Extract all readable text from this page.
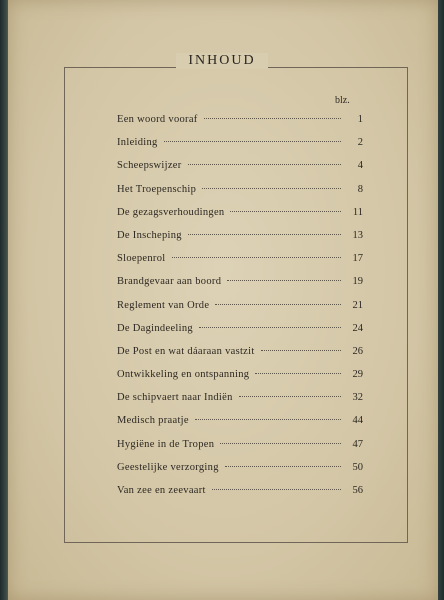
INHOUD
blz.
Een woord vooraf	1
Inleiding	2
Scheepswijzer	4
Het Troepenschip	8
De gezagsverhoudingen	11
De Inscheping	13
Sloepenrol	17
Brandgevaar aan boord	19
Reglement van Orde	21
De Dagindeeling	24
De Post en wat dáaraan vastzit	26
Ontwikkeling en ontspanning	29
De schipvaert naar Indiën	32
Medisch praatje	44
Hygiëne in de Tropen	47
Geestelijke verzorging	50
Van zee en zeevaart	56
